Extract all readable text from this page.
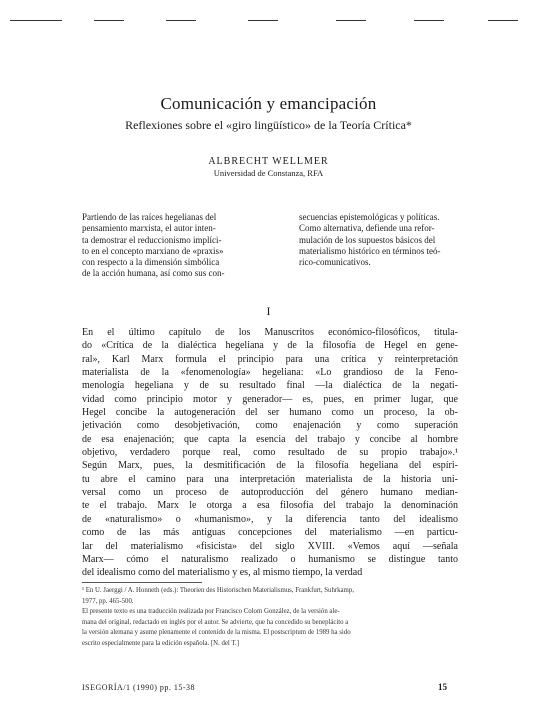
Comunicación y emancipación
Reflexiones sobre el «giro lingüístico» de la Teoría Crítica*
ALBRECHT WELLMER
Universidad de Constanza, RFA
Partiendo de las raíces hegelianas del
pensamiento marxista, el autor inten-
ta demostrar el reduccionismo implíci-
to en el concepto marxiano de «praxis»
con respecto a la dimensión simbólica
de la acción humana, así como sus con-
secuencias epistemológicas y políticas.
Como alternativa, defiende una refor-
mulación de los supuestos básicos del
materialismo histórico en términos teó-
rico-comunicativos.
I
En el último capítulo de los Manuscritos económico-filosóficos, titula-
do «Crítica de la dialéctica hegeliana y de la filosofía de Hegel en gene-
ral», Karl Marx formula el principio para una crítica y reinterpretación
materialista de la «fenomenología» hegeliana: «Lo grandioso de la Feno-
menología hegeliana y de su resultado final —la dialéctica de la negati-
vidad como principio motor y generador— es, pues, en primer lugar, que
Hegel concibe la autogeneración del ser humano como un proceso, la ob-
jetivación como desobjetivación, como enajenación y como superación
de esa enajenación; que capta la esencia del trabajo y concibe al hombre
objetivo, verdadero porque real, como resultado de su propio trabajo».¹
Según Marx, pues, la desmitificación de la filosofía hegeliana del espíri-
tu abre el camino para una interpretación materialista de la historia uni-
versal como un proceso de autoproducción del género humano median-
te el trabajo. Marx le otorga a esa filosofía del trabajo la denominación
de «naturalismo» o «humanismo», y la diferencia tanto del idealismo
como de las más antiguas concepciones del materialismo —en particu-
lar del materialismo «fisicista» del siglo XVIII. «Vemos aquí —señala
Marx— cómo el naturalismo realizado o humanismo se distingue tanto
del idealismo como del materialismo y es, al mismo tiempo, la verdad
¹ En U. Jaerggi / A. Honneth (eds.): Theorien des Historischen Materialismus, Frankfurt, Suhrkamp,
1977, pp. 465-500.
El presente texto es una traducción realizada por Francisco Colom González, de la versión ale-
mana del original, redactado en inglés por el autor. Se advierte, que ha concedido su beneplácito a
la versión alemana y asume plenamente el contenido de la misma. El postscriptum de 1989 ha sido
escrito especialmente para la edición española. [N. del T.]
ISEGORÍA/1 (1990) pp. 15-38	15
